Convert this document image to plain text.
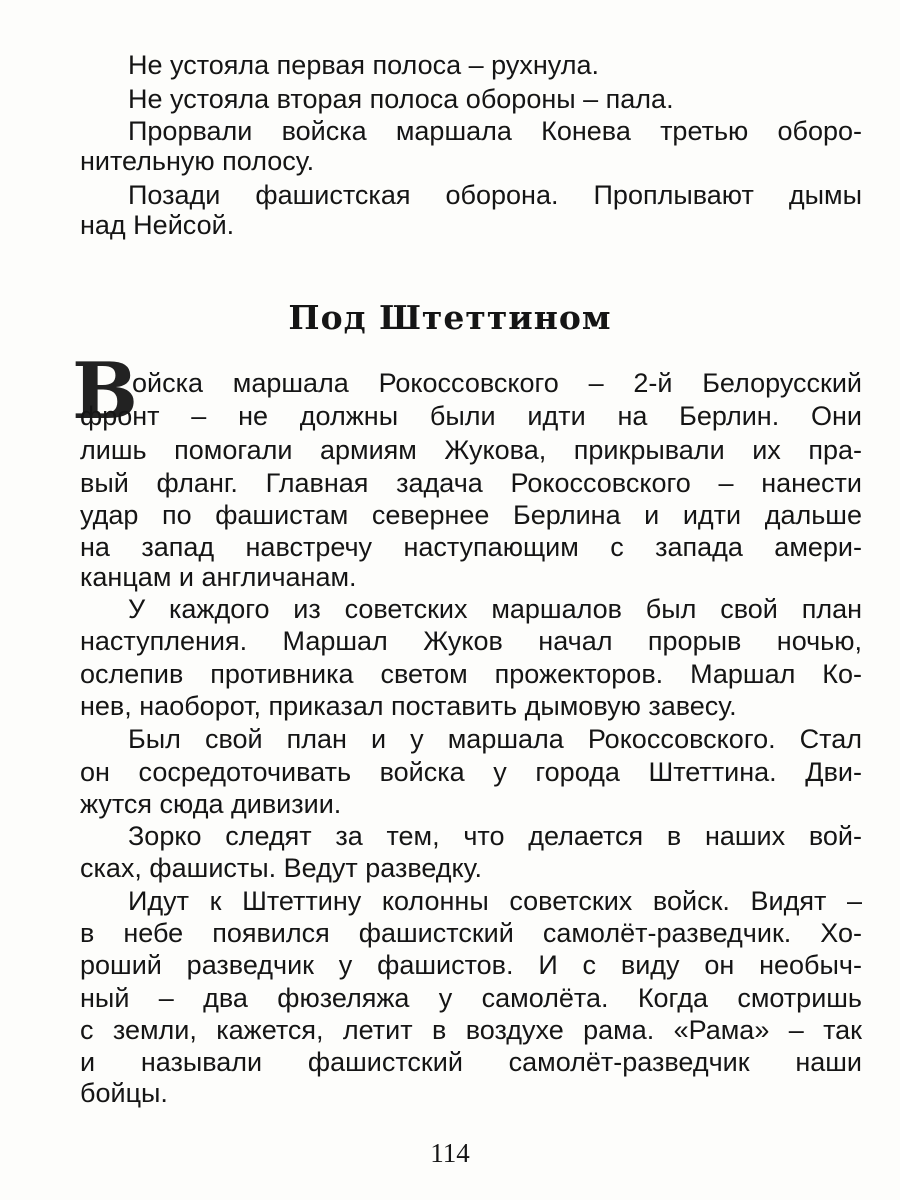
Не устояла первая полоса – рухнула.
Не устояла вторая полоса обороны – пала.
Прорвали войска маршала Конева третью оборо-
нительную полосу.
Позади фашистская оборона. Проплывают дымы
над Нейсой.
Под Штеттином
В
ойска маршала Рокоссовского – 2-й Белорусский
фронт – не должны были идти на Берлин. Они
лишь помогали армиям Жукова, прикрывали их пра-
вый фланг. Главная задача Рокоссовского – нанести
удар по фашистам севернее Берлина и идти дальше
на запад навстречу наступающим с запада амери-
канцам и англичанам.
У каждого из советских маршалов был свой план
наступления. Маршал Жуков начал прорыв ночью,
ослепив противника светом прожекторов. Маршал Ко-
нев, наоборот, приказал поставить дымовую завесу.
Был свой план и у маршала Рокоссовского. Стал
он сосредоточивать войска у города Штеттина. Дви-
жутся сюда дивизии.
Зорко следят за тем, что делается в наших вой-
сках, фашисты. Ведут разведку.
Идут к Штеттину колонны советских войск. Видят –
в небе появился фашистский самолёт-разведчик. Хо-
роший разведчик у фашистов. И с виду он необыч-
ный – два фюзеляжа у самолёта. Когда смотришь
с земли, кажется, летит в воздухе рама. «Рама» – так
и называли фашистский самолёт-разведчик наши
бойцы.
114
